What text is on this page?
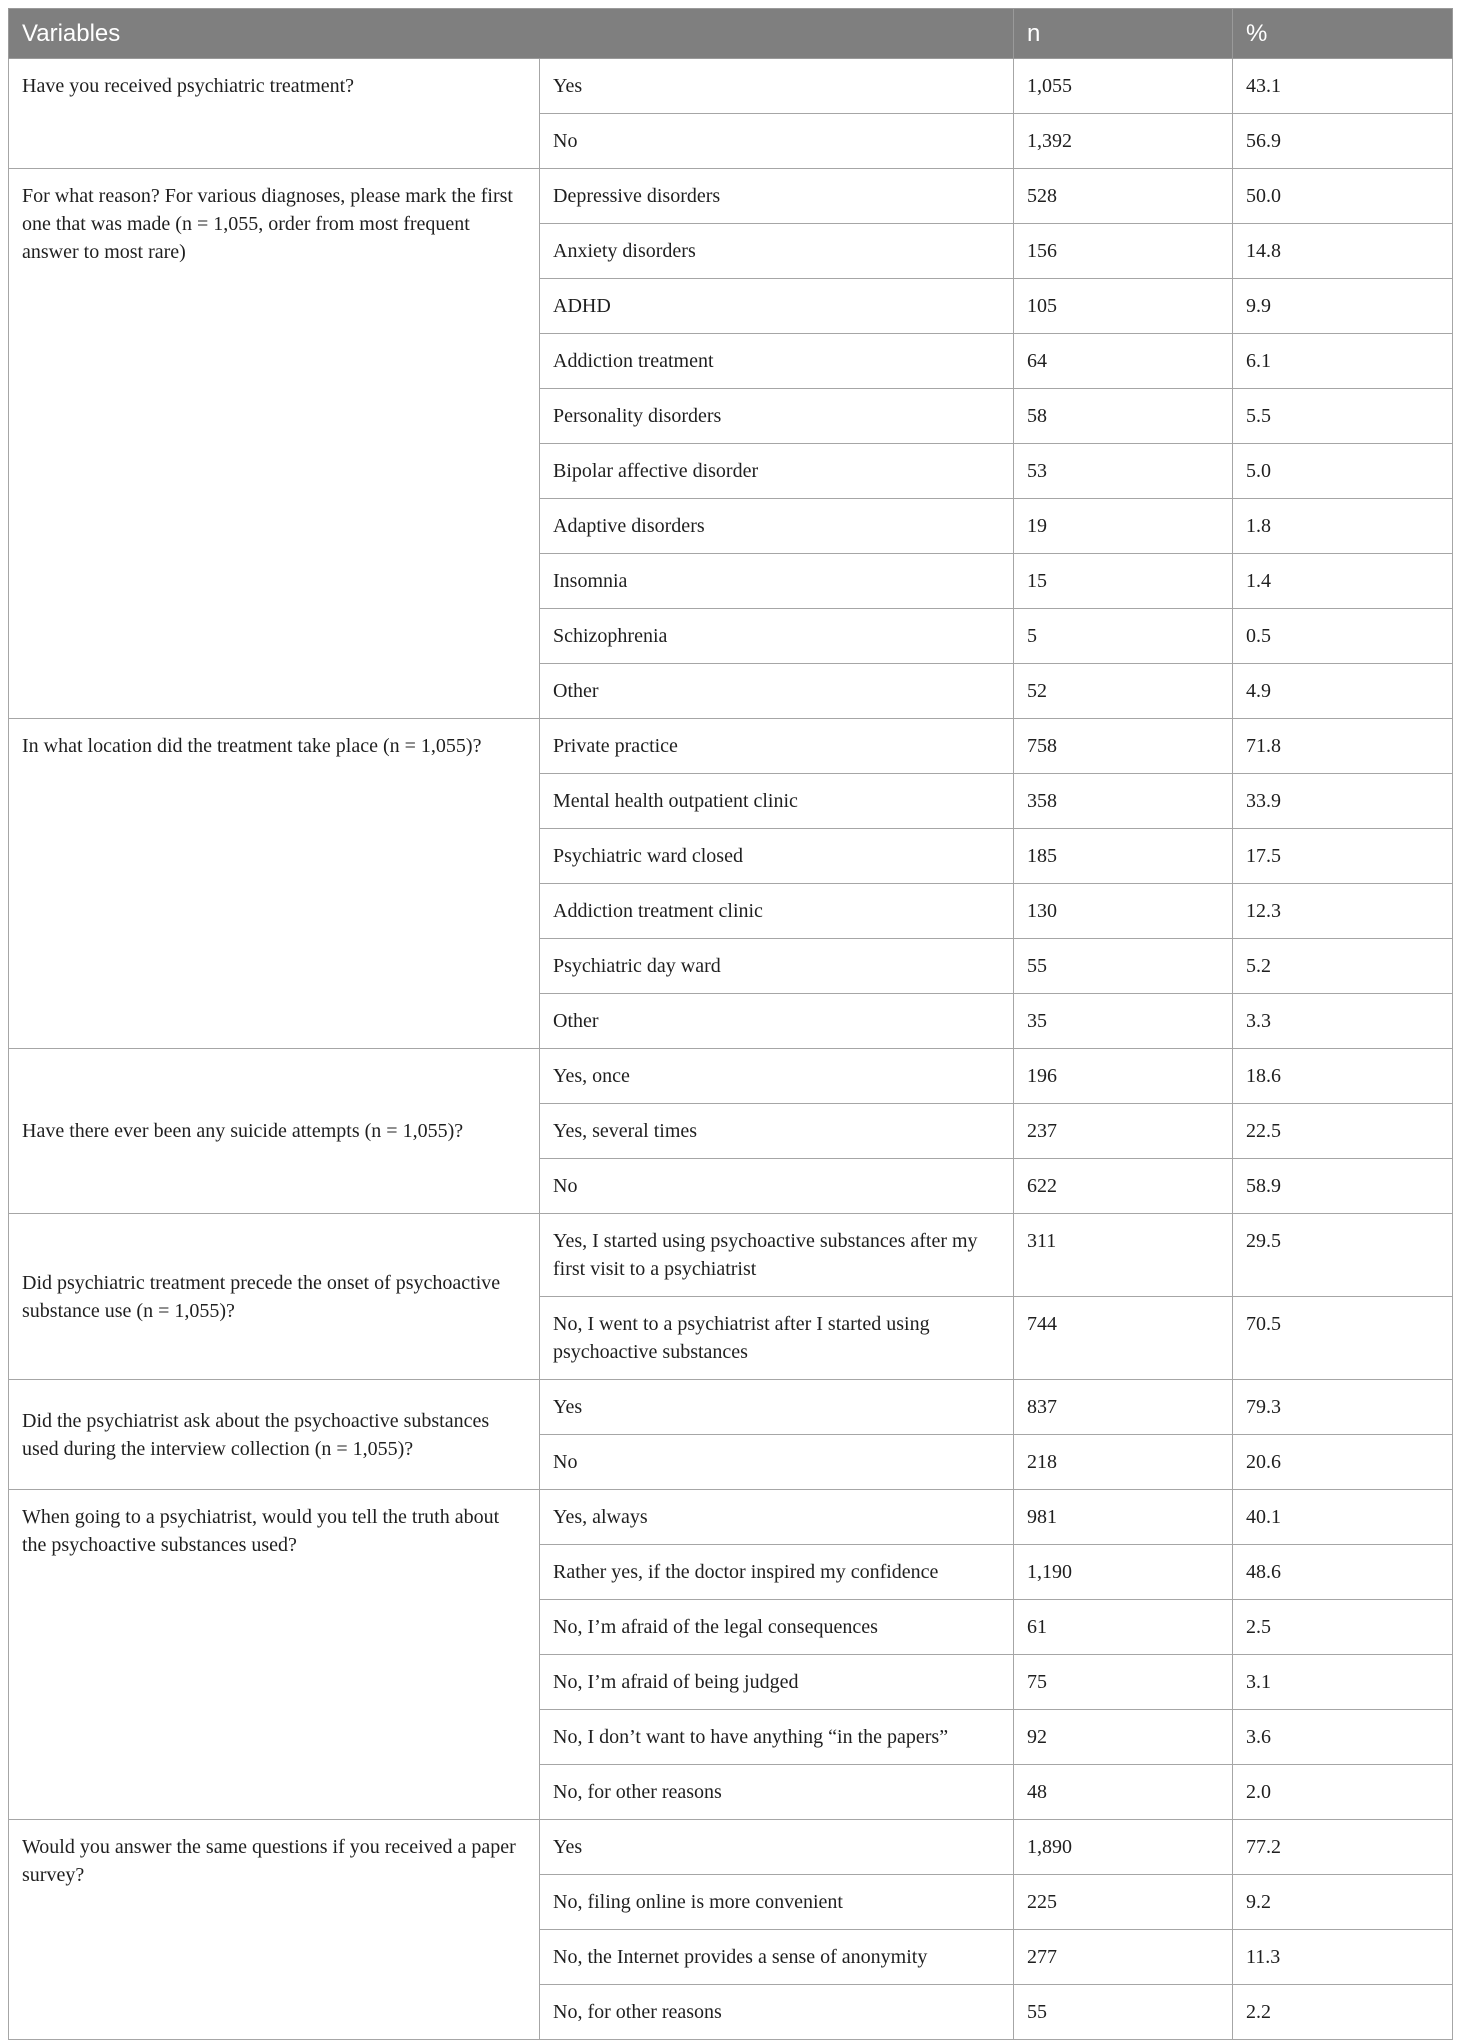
Variables		n	%
Have you received psychiatric treatment?	Yes	1,055	43.1
	No	1,392	56.9
For what reason? For various diagnoses, please mark the first one that was made (n = 1,055, order from most frequent answer to most rare)	Depressive disorders	528	50.0
	Anxiety disorders	156	14.8
	ADHD	105	9.9
	Addiction treatment	64	6.1
	Personality disorders	58	5.5
	Bipolar affective disorder	53	5.0
	Adaptive disorders	19	1.8
	Insomnia	15	1.4
	Schizophrenia	5	0.5
	Other	52	4.9
In what location did the treatment take place (n = 1,055)?	Private practice	758	71.8
	Mental health outpatient clinic	358	33.9
	Psychiatric ward closed	185	17.5
	Addiction treatment clinic	130	12.3
	Psychiatric day ward	55	5.2
	Other	35	3.3
Have there ever been any suicide attempts (n = 1,055)?	Yes, once	196	18.6
	Yes, several times	237	22.5
	No	622	58.9
Did psychiatric treatment precede the onset of psychoactive substance use (n = 1,055)?	Yes, I started using psychoactive substances after my first visit to a psychiatrist	311	29.5
	No, I went to a psychiatrist after I started using psychoactive substances	744	70.5
Did the psychiatrist ask about the psychoactive substances used during the interview collection (n = 1,055)?	Yes	837	79.3
	No	218	20.6
When going to a psychiatrist, would you tell the truth about the psychoactive substances used?	Yes, always	981	40.1
	Rather yes, if the doctor inspired my confidence	1,190	48.6
	No, I’m afraid of the legal consequences	61	2.5
	No, I’m afraid of being judged	75	3.1
	No, I don’t want to have anything “in the papers”	92	3.6
	No, for other reasons	48	2.0
Would you answer the same questions if you received a paper survey?	Yes	1,890	77.2
	No, filing online is more convenient	225	9.2
	No, the Internet provides a sense of anonymity	277	11.3
	No, for other reasons	55	2.2
